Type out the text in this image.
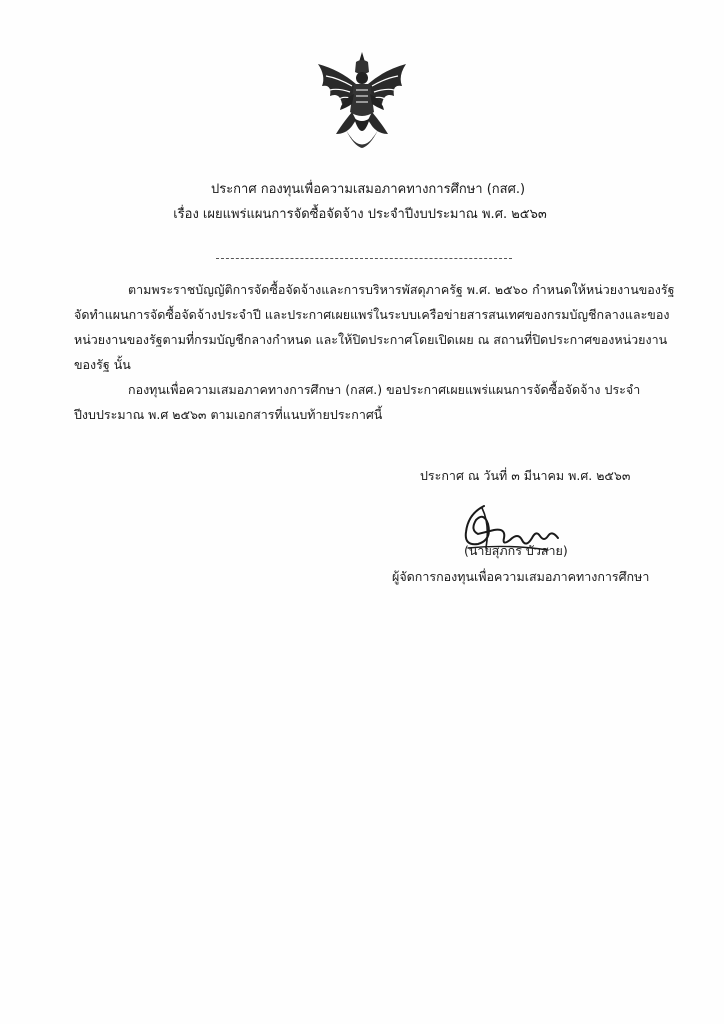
ประกาศ กองทุนเพื่อความเสมอภาคทางการศึกษา (กสศ.)
เรื่อง เผยแพร่แผนการจัดซื้อจัดจ้าง ประจำปีงบประมาณ พ.ศ. ๒๕๖๓
ตามพระราชบัญญัติการจัดซื้อจัดจ้างและการบริหารพัสดุภาครัฐ พ.ศ. ๒๕๖๐ กำหนดให้หน่วยงานของรัฐ
จัดทำแผนการจัดซื้อจัดจ้างประจำปี และประกาศเผยแพร่ในระบบเครือข่ายสารสนเทศของกรมบัญชีกลางและของ
หน่วยงานของรัฐตามที่กรมบัญชีกลางกำหนด และให้ปิดประกาศโดยเปิดเผย ณ สถานที่ปิดประกาศของหน่วยงาน
ของรัฐ นั้น
กองทุนเพื่อความเสมอภาคทางการศึกษา (กสศ.) ขอประกาศเผยแพร่แผนการจัดซื้อจัดจ้าง ประจำ
ปีงบประมาณ พ.ศ ๒๕๖๓ ตามเอกสารที่แนบท้ายประกาศนี้
ประกาศ ณ วันที่ ๓ มีนาคม พ.ศ. ๒๕๖๓
(นายสุภกร บัวสาย)
ผู้จัดการกองทุนเพื่อความเสมอภาคทางการศึกษา
